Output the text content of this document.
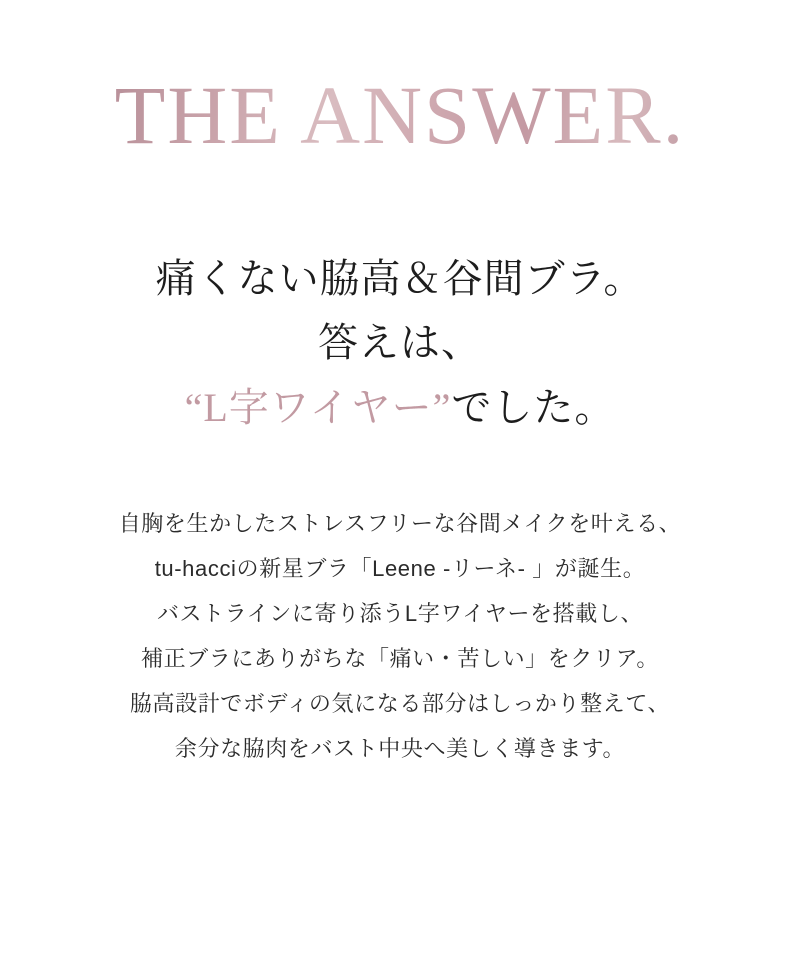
THE ANSWER.
痛くない脇高＆谷間ブラ。
答えは、
“L字ワイヤー”でした。
自胸を生かしたストレスフリーな谷間メイクを叶える、
tu-hacciの新星ブラ「Leene -リーネ- 」が誕生。
バストラインに寄り添うL字ワイヤーを搭載し、
補正ブラにありがちな「痛い・苦しい」をクリア。
脇高設計でボディの気になる部分はしっかり整えて、
余分な脇肉をバスト中央へ美しく導きます。
